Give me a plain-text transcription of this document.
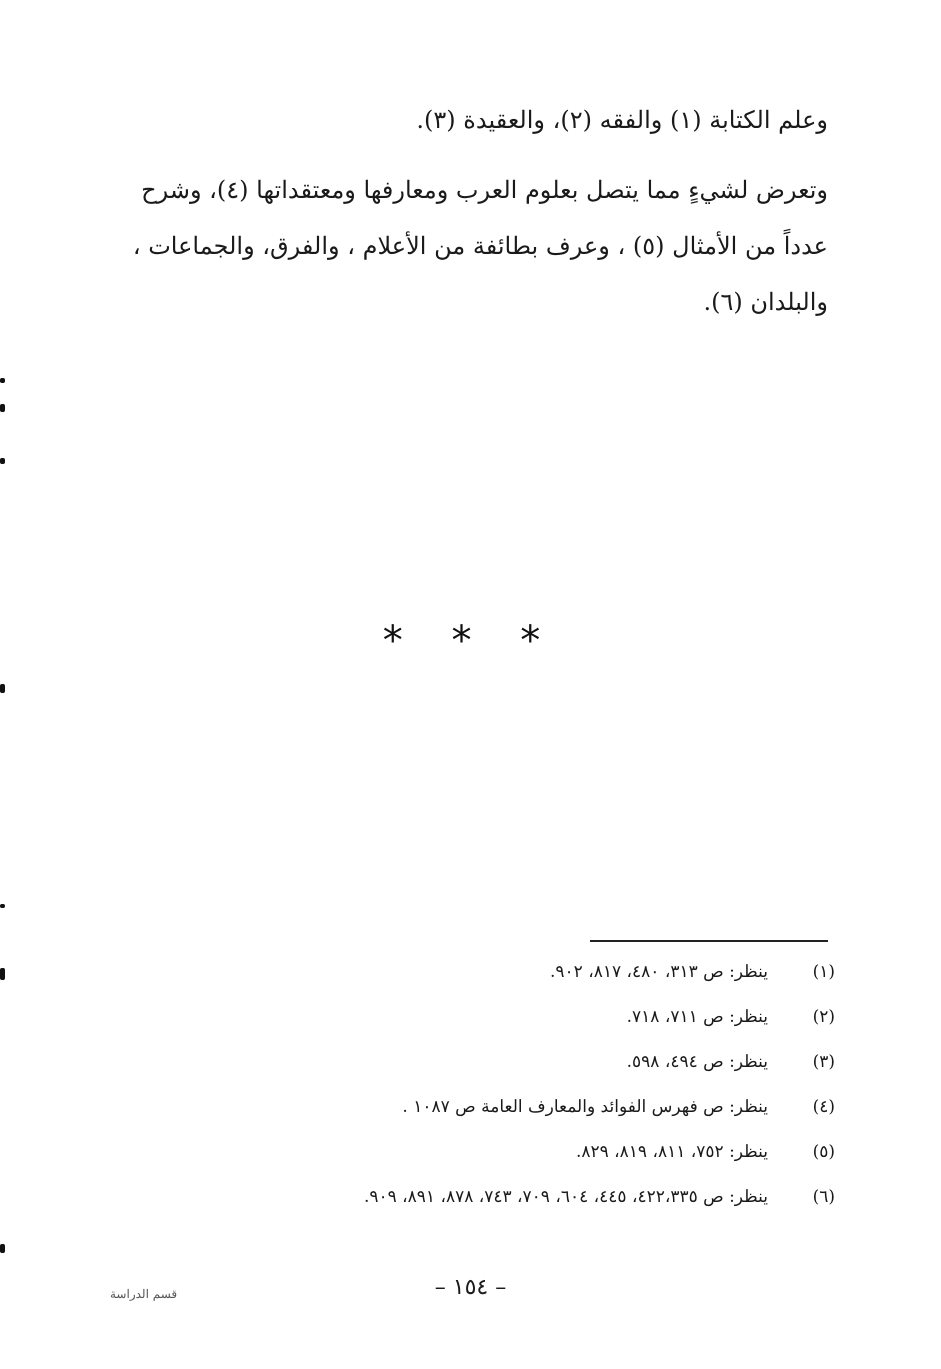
وعلم الكتابة (١) والفقه (٢)، والعقيدة (٣).

وتعرض لشيءٍ مما يتصل بعلوم العرب ومعارفها ومعتقداتها (٤)، وشرح عدداً من الأمثال (٥) ، وعرف بطائفة من الأعلام ، والفرق، والجماعات ، والبلدان (٦).

* * *
(١)
ينظر: ص ٣١٣، ٤٨٠، ٨١٧، ٩٠٢.
(٢)
ينظر: ص ٧١١، ٧١٨.
(٣)
ينظر: ص ٤٩٤، ٥٩٨.
(٤)
ينظر: ص فهرس الفوائد والمعارف العامة ص ١٠٨٧ .
(٥)
ينظر: ٧٥٢، ٨١١، ٨١٩، ٨٢٩.
(٦)
ينظر: ص ٤٢٢،٣٣٥، ٤٤٥، ٦٠٤، ٧٠٩، ٧٤٣، ٨٧٨، ٨٩١، ٩٠٩.
– ١٥٤ –
قسم الدراسة
